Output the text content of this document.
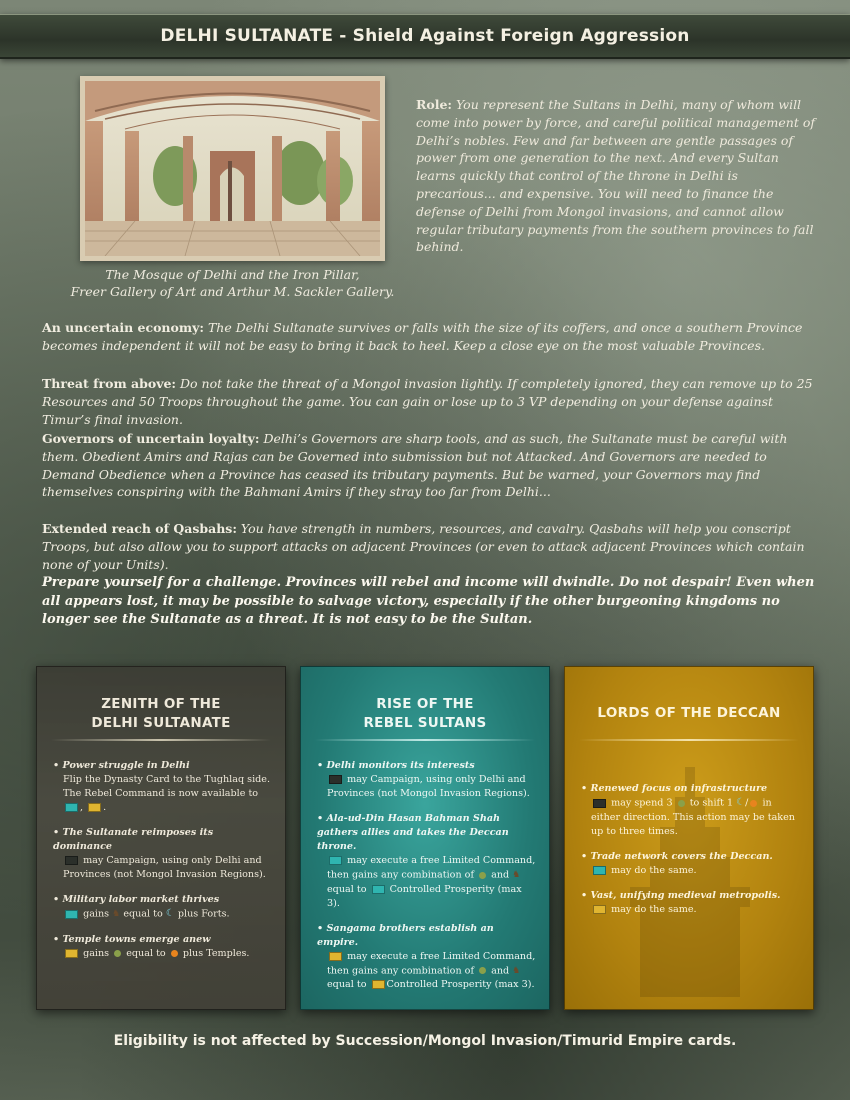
DELHI SULTANATE - Shield Against Foreign Aggression
The Mosque of Delhi and the Iron Pillar,
Freer Gallery of Art and Arthur M. Sackler Gallery.
Role: You represent the Sultans in Delhi, many of whom will come into power by force, and careful political management of Delhi’s nobles. Few and far between are gentle passages of power from one generation to the next. And every Sultan learns quickly that control of the throne in Delhi is precarious... and expensive. You will need to finance the defense of Delhi from Mongol invasions, and cannot allow regular tributary payments from the southern provinces to fall behind.
An uncertain economy: The Delhi Sultanate survives or falls with the size of its coffers, and once a southern Province becomes independent it will not be easy to bring it back to heel. Keep a close eye on the most valuable Provinces.
Threat from above: Do not take the threat of a Mongol invasion lightly. If completely ignored, they can remove up to 25 Resources and 50 Troops throughout the game. You can gain or lose up to 3 VP depending on your defense against Timur’s final invasion.
Governors of uncertain loyalty: Delhi’s Governors are sharp tools, and as such, the Sultanate must be careful with them. Obedient Amirs and Rajas can be Governed into submission but not Attacked. And Governors are needed to Demand Obedience when a Province has ceased its tributary payments. But be warned, your Governors may find themselves conspiring with the Bahmani Amirs if they stray too far from Delhi...
Extended reach of Qasbahs: You have strength in numbers, resources, and cavalry. Qasbahs will help you conscript Troops, but also allow you to support attacks on adjacent Provinces (or even to attack adjacent Provinces which contain none of your Units).
Prepare yourself for a challenge. Provinces will rebel and income will dwindle. Do not despair! Even when all appears lost, it may be possible to salvage victory, especially if the other burgeoning kingdoms no longer see the Sultanate as a threat. It is not easy to be the Sultan.
ZENITH OF THE
DELHI SULTANATE
• Power struggle in Delhi
Flip the Dynasty Card to the Tughlaq side.
The Rebel Command is now available to , .
• The Sultanate reimposes its dominance
may Campaign, using only Delhi and
Provinces (not Mongol Invasion Regions).
• Military labor market thrives
gains ♞ equal to ☾ plus Forts.
• Temple towns emerge anew
gains equal to plus Temples.
RISE OF THE
REBEL SULTANS
• Delhi monitors its interests
may Campaign, using only Delhi and
Provinces (not Mongol Invasion Regions).
• Ala-ud-Din Hasan Bahman Shah gathers allies and takes the Deccan throne.
may execute a free Limited Command,
then gains any combination of and ♞
equal to Controlled Prosperity (max 3).
• Sangama brothers establish an empire.
may execute a free Limited Command,
then gains any combination of and ♞
equal to Controlled Prosperity (max 3).
LORDS OF THE DECCAN
• Renewed focus on infrastructure
may spend 3 to shift 1 ☾/ in
either direction. This action may be taken
up to three times.
• Trade network covers the Deccan.
may do the same.
• Vast, unifying medieval metropolis.
may do the same.
Eligibility is not affected by Succession/Mongol Invasion/Timurid Empire cards.
